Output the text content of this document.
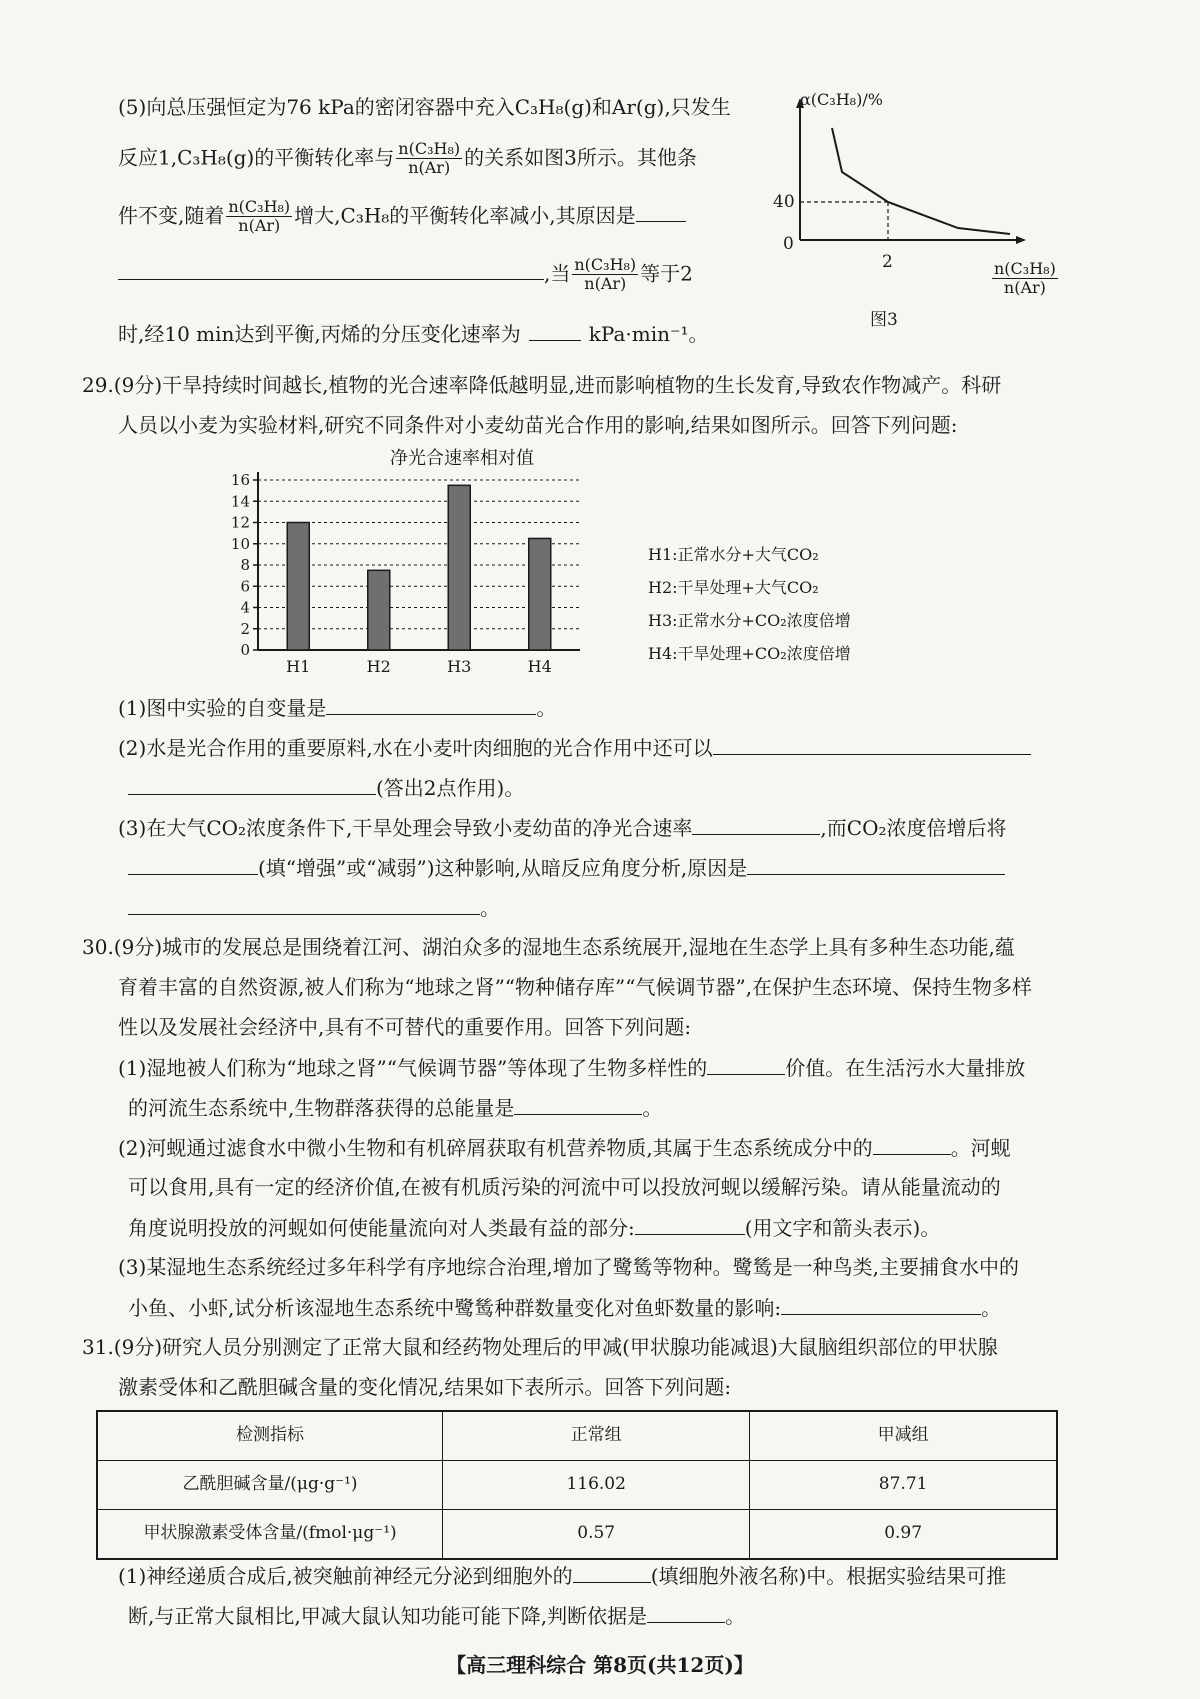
(5)向总压强恒定为76 kPa的密闭容器中充入C₃H₈(g)和Ar(g),只发生
反应1,C₃H₈(g)的平衡转化率与 $\frac{\text{n(C₃H₈)}}{n(Ar)}$ 的关系如图3所示。其他条
件不变,随着 $\frac{\text{n(C₃H₈)}}{n(Ar)}$ 增大,C₃H₈的平衡转化率减小,其原因是
,当 $\frac{\text{n(C₃H₈)}}{n(Ar)}$ 等于2
时,经10 min达到平衡,丙烯的分压变化速率为	kPa·min⁻¹。
α(C₃H₈)/%
40
0
2	$\frac{\text{n(C₃H₈)}}{n(Ar)}$
图3
29.(9分)干旱持续时间越长,植物的光合速率降低越明显,进而影响植物的生长发育,导致农作物减产。科研
人员以小麦为实验材料,研究不同条件对小麦幼苗光合作用的影响,结果如图所示。回答下列问题:
0
2
4
6
8
10
12
14
16
H1	H2	H3	H4
净光合速率相对值
H1:正常水分+大气CO₂
H2:干旱处理+大气CO₂
H3:正常水分+CO₂浓度倍增
H4:干旱处理+CO₂浓度倍增
(1)图中实验的自变量是	。
(2)水是光合作用的重要原料,水在小麦叶肉细胞的光合作用中还可以
(答出2点作用)。
(3)在大气CO₂浓度条件下,干旱处理会导致小麦幼苗的净光合速率	,而CO₂浓度倍增后将
(填“增强”或“减弱”)这种影响,从暗反应角度分析,原因是
。
30.(9分)城市的发展总是围绕着江河、湖泊众多的湿地生态系统展开,湿地在生态学上具有多种生态功能,蕴
育着丰富的自然资源,被人们称为“地球之肾”“物种储存库”“气候调节器”,在保护生态环境、保持生物多样
性以及发展社会经济中,具有不可替代的重要作用。回答下列问题:
(1)湿地被人们称为“地球之肾”“气候调节器”等体现了生物多样性的	价值。在生活污水大量排放
的河流生态系统中,生物群落获得的总能量是	。
(2)河蚬通过滤食水中微小生物和有机碎屑获取有机营养物质,其属于生态系统成分中的	。河蚬
可以食用,具有一定的经济价值,在被有机质污染的河流中可以投放河蚬以缓解污染。请从能量流动的
角度说明投放的河蚬如何使能量流向对人类最有益的部分:	(用文字和箭头表示)。
(3)某湿地生态系统经过多年科学有序地综合治理,增加了鹭鸶等物种。鹭鸶是一种鸟类,主要捕食水中的
小鱼、小虾,试分析该湿地生态系统中鹭鸶种群数量变化对鱼虾数量的影响:	。
31.(9分)研究人员分别测定了正常大鼠和经药物处理后的甲减(甲状腺功能减退)大鼠脑组织部位的甲状腺
激素受体和乙酰胆碱含量的变化情况,结果如下表所示。回答下列问题:
检测指标	正常组	甲减组
乙酰胆碱含量/(μg·g⁻¹)	116.02	87.71
甲状腺激素受体含量/(fmol·μg⁻¹)	0.57	0.97
(1)神经递质合成后,被突触前神经元分泌到细胞外的	(填细胞外液名称)中。根据实验结果可推
断,与正常大鼠相比,甲减大鼠认知功能可能下降,判断依据是	。
【高三理科综合 第8页(共12页)】
